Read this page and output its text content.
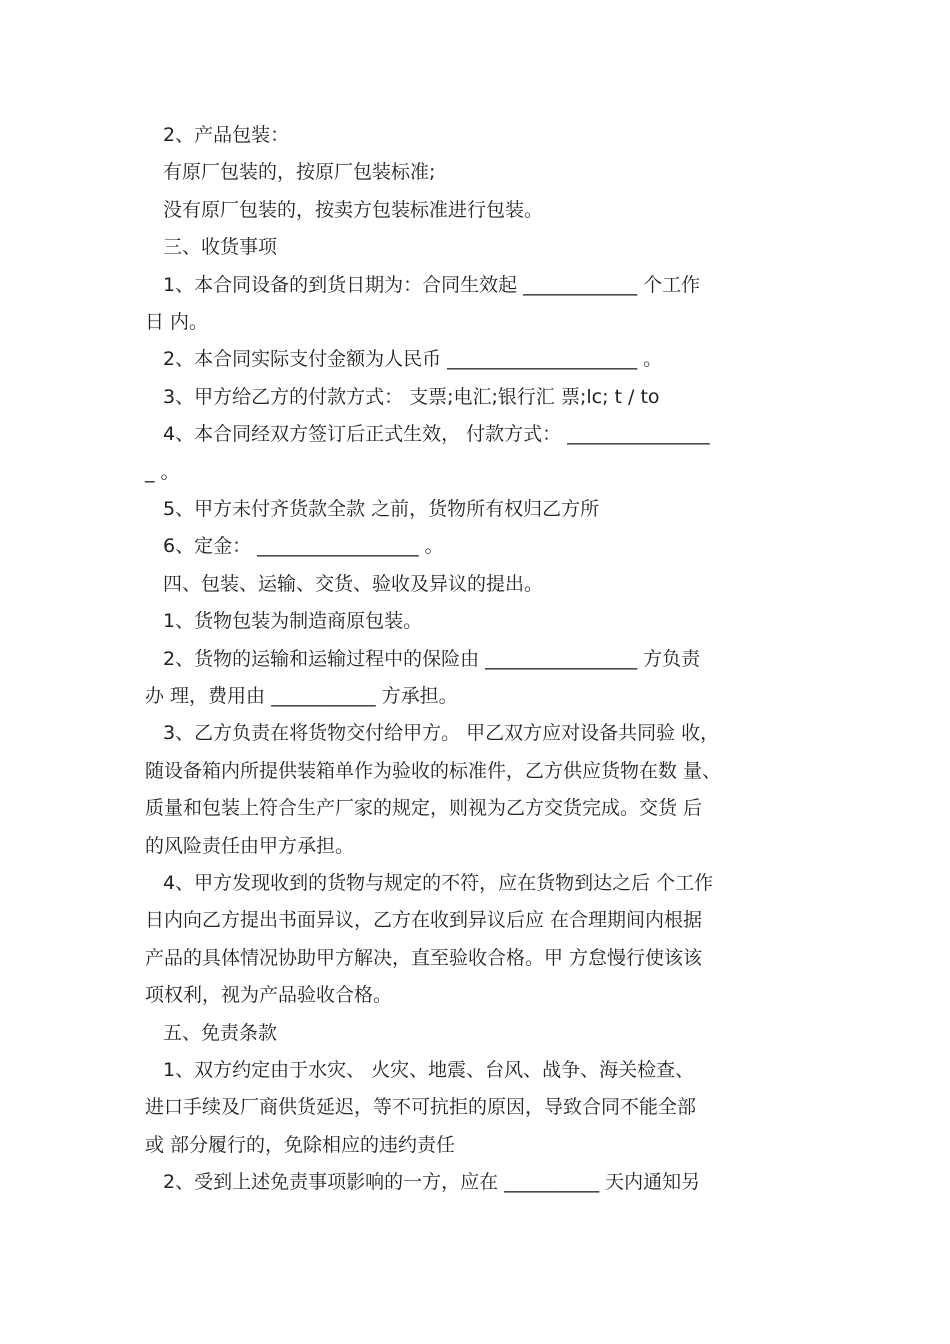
2、产品包装：
有原厂包装的，按原厂包装标准;
没有原厂包装的，按卖方包装标准进行包装。
三、收货事项
1、本合同设备的到货日期为：合同生效起 ____________ 个工作
日 内。
2、本合同实际支付金额为人民币 ____________________ 。
3、甲方给乙方的付款方式： 支票;电汇;银行汇 票;lc; t / to
4、本合同经双方签订后正式生效， 付款方式： _______________
_ 。
5、甲方未付齐货款全款 之前，货物所有权归乙方所
6、定金： _________________ 。
四、包装、运输、交货、验收及异议的提出。
1、货物包装为制造商原包装。
2、货物的运输和运输过程中的保险由 ________________ 方负责
办 理，费用由 ___________ 方承担。
3、乙方负责在将货物交付给甲方。 甲乙双方应对设备共同验 收，
随设备箱内所提供装箱单作为验收的标准件，乙方供应货物在数 量、
质量和包装上符合生产厂家的规定，则视为乙方交货完成。交货 后
的风险责任由甲方承担。
4、甲方发现收到的货物与规定的不符，应在货物到达之后 个工作
日内向乙方提出书面异议，乙方在收到异议后应 在合理期间内根据
产品的具体情况协助甲方解决，直至验收合格。甲 方怠慢行使该该
项权利，视为产品验收合格。
五、免责条款
1、双方约定由于水灾、 火灾、地震、台风、战争、海关检查、
进口手续及厂商供货延迟，等不可抗拒的原因，导致合同不能全部
或 部分履行的，免除相应的违约责任
2、受到上述免责事项影响的一方，应在 __________ 天内通知另
